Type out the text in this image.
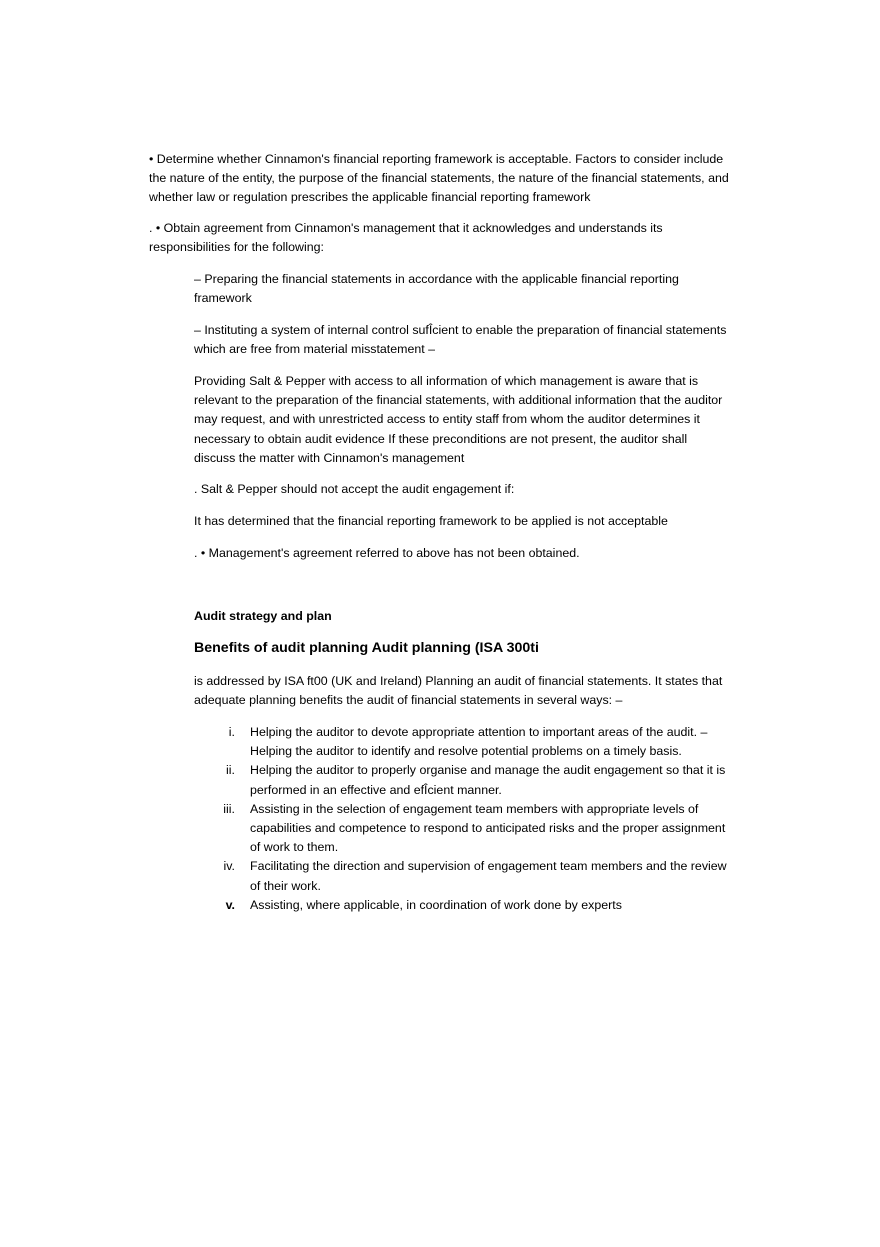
• Determine whether Cinnamon's financial reporting framework is acceptable. Factors to consider include the nature of the entity, the purpose of the financial statements, the nature of the financial statements, and whether law or regulation prescribes the applicable financial reporting framework

. • Obtain agreement from Cinnamon's management that it acknowledges and understands its responsibilities for the following:

– Preparing the financial statements in accordance with the applicable financial reporting framework

– Instituting a system of internal control sufÎcient to enable the preparation of financial statements which are free from material misstatement –

Providing Salt & Pepper with access to all information of which management is aware that is relevant to the preparation of the financial statements, with additional information that the auditor may request, and with unrestricted access to entity staff from whom the auditor determines it necessary to obtain audit evidence If these preconditions are not present, the auditor shall discuss the matter with Cinnamon's management

. Salt & Pepper should not accept the audit engagement if:

It has determined that the financial reporting framework to be applied is not acceptable

. • Management's agreement referred to above has not been obtained.

Audit strategy and plan
Benefits of audit planning Audit planning (ISA 300ti

is addressed by ISA ft00 (UK and Ireland) Planning an audit of financial statements. It states that adequate planning benefits the audit of financial statements in several ways: –

i.	Helping the auditor to devote appropriate attention to important areas of the audit. – Helping the auditor to identify and resolve potential problems on a timely basis.
ii.	Helping the auditor to properly organise and manage the audit engagement so that it is performed in an effective and efÎcient manner.
iii.	Assisting in the selection of engagement team members with appropriate levels of capabilities and competence to respond to anticipated risks and the proper assignment of work to them.
iv.	Facilitating the direction and supervision of engagement team members and the review of their work.
v.	Assisting, where applicable, in coordination of work done by experts
